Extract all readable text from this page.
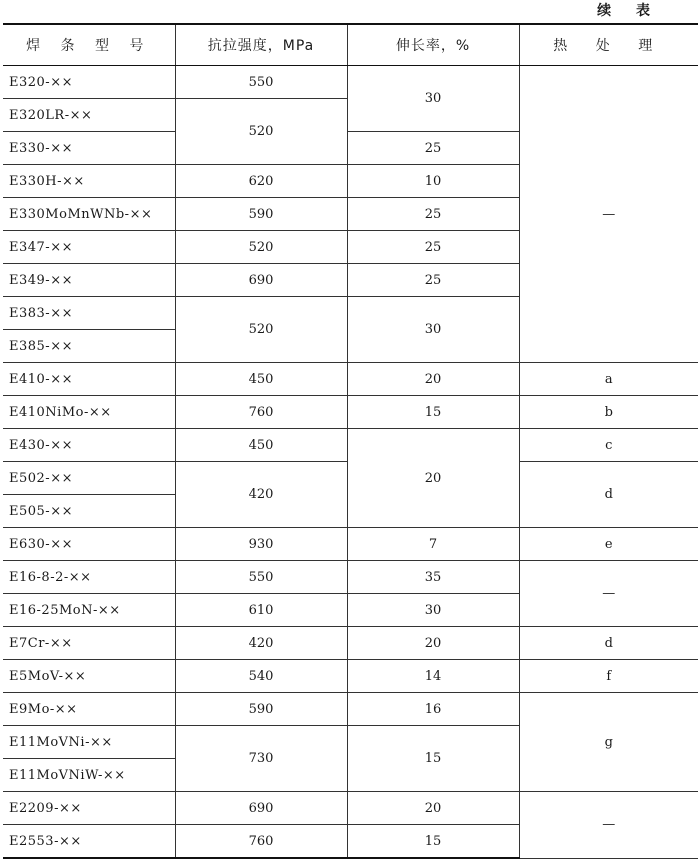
续 表
焊 条 型 号	抗拉强度，MPa	伸长率，%	热 处 理
E320-××	550	30	—
E320LR-××	520		
E330-××		25	
E330H-××	620	10	
E330MoMnWNb-××	590	25	
E347-××	520	25	
E349-××	690	25	
E383-××	520	30	
E385-××			
E410-××	450	20	a
E410NiMo-××	760	15	b
E430-××	450	20	c
E502-××	420		d
E505-××			
E630-××	930	7	e
E16-8-2-××	550	35	—
E16-25MoN-××	610	30	
E7Cr-××	420	20	d
E5MoV-××	540	14	f
E9Mo-××	590	16	g
E11MoVNi-××	730	15	
E11MoVNiW-××			
E2209-××	690	20	—
E2553-××	760	15	
